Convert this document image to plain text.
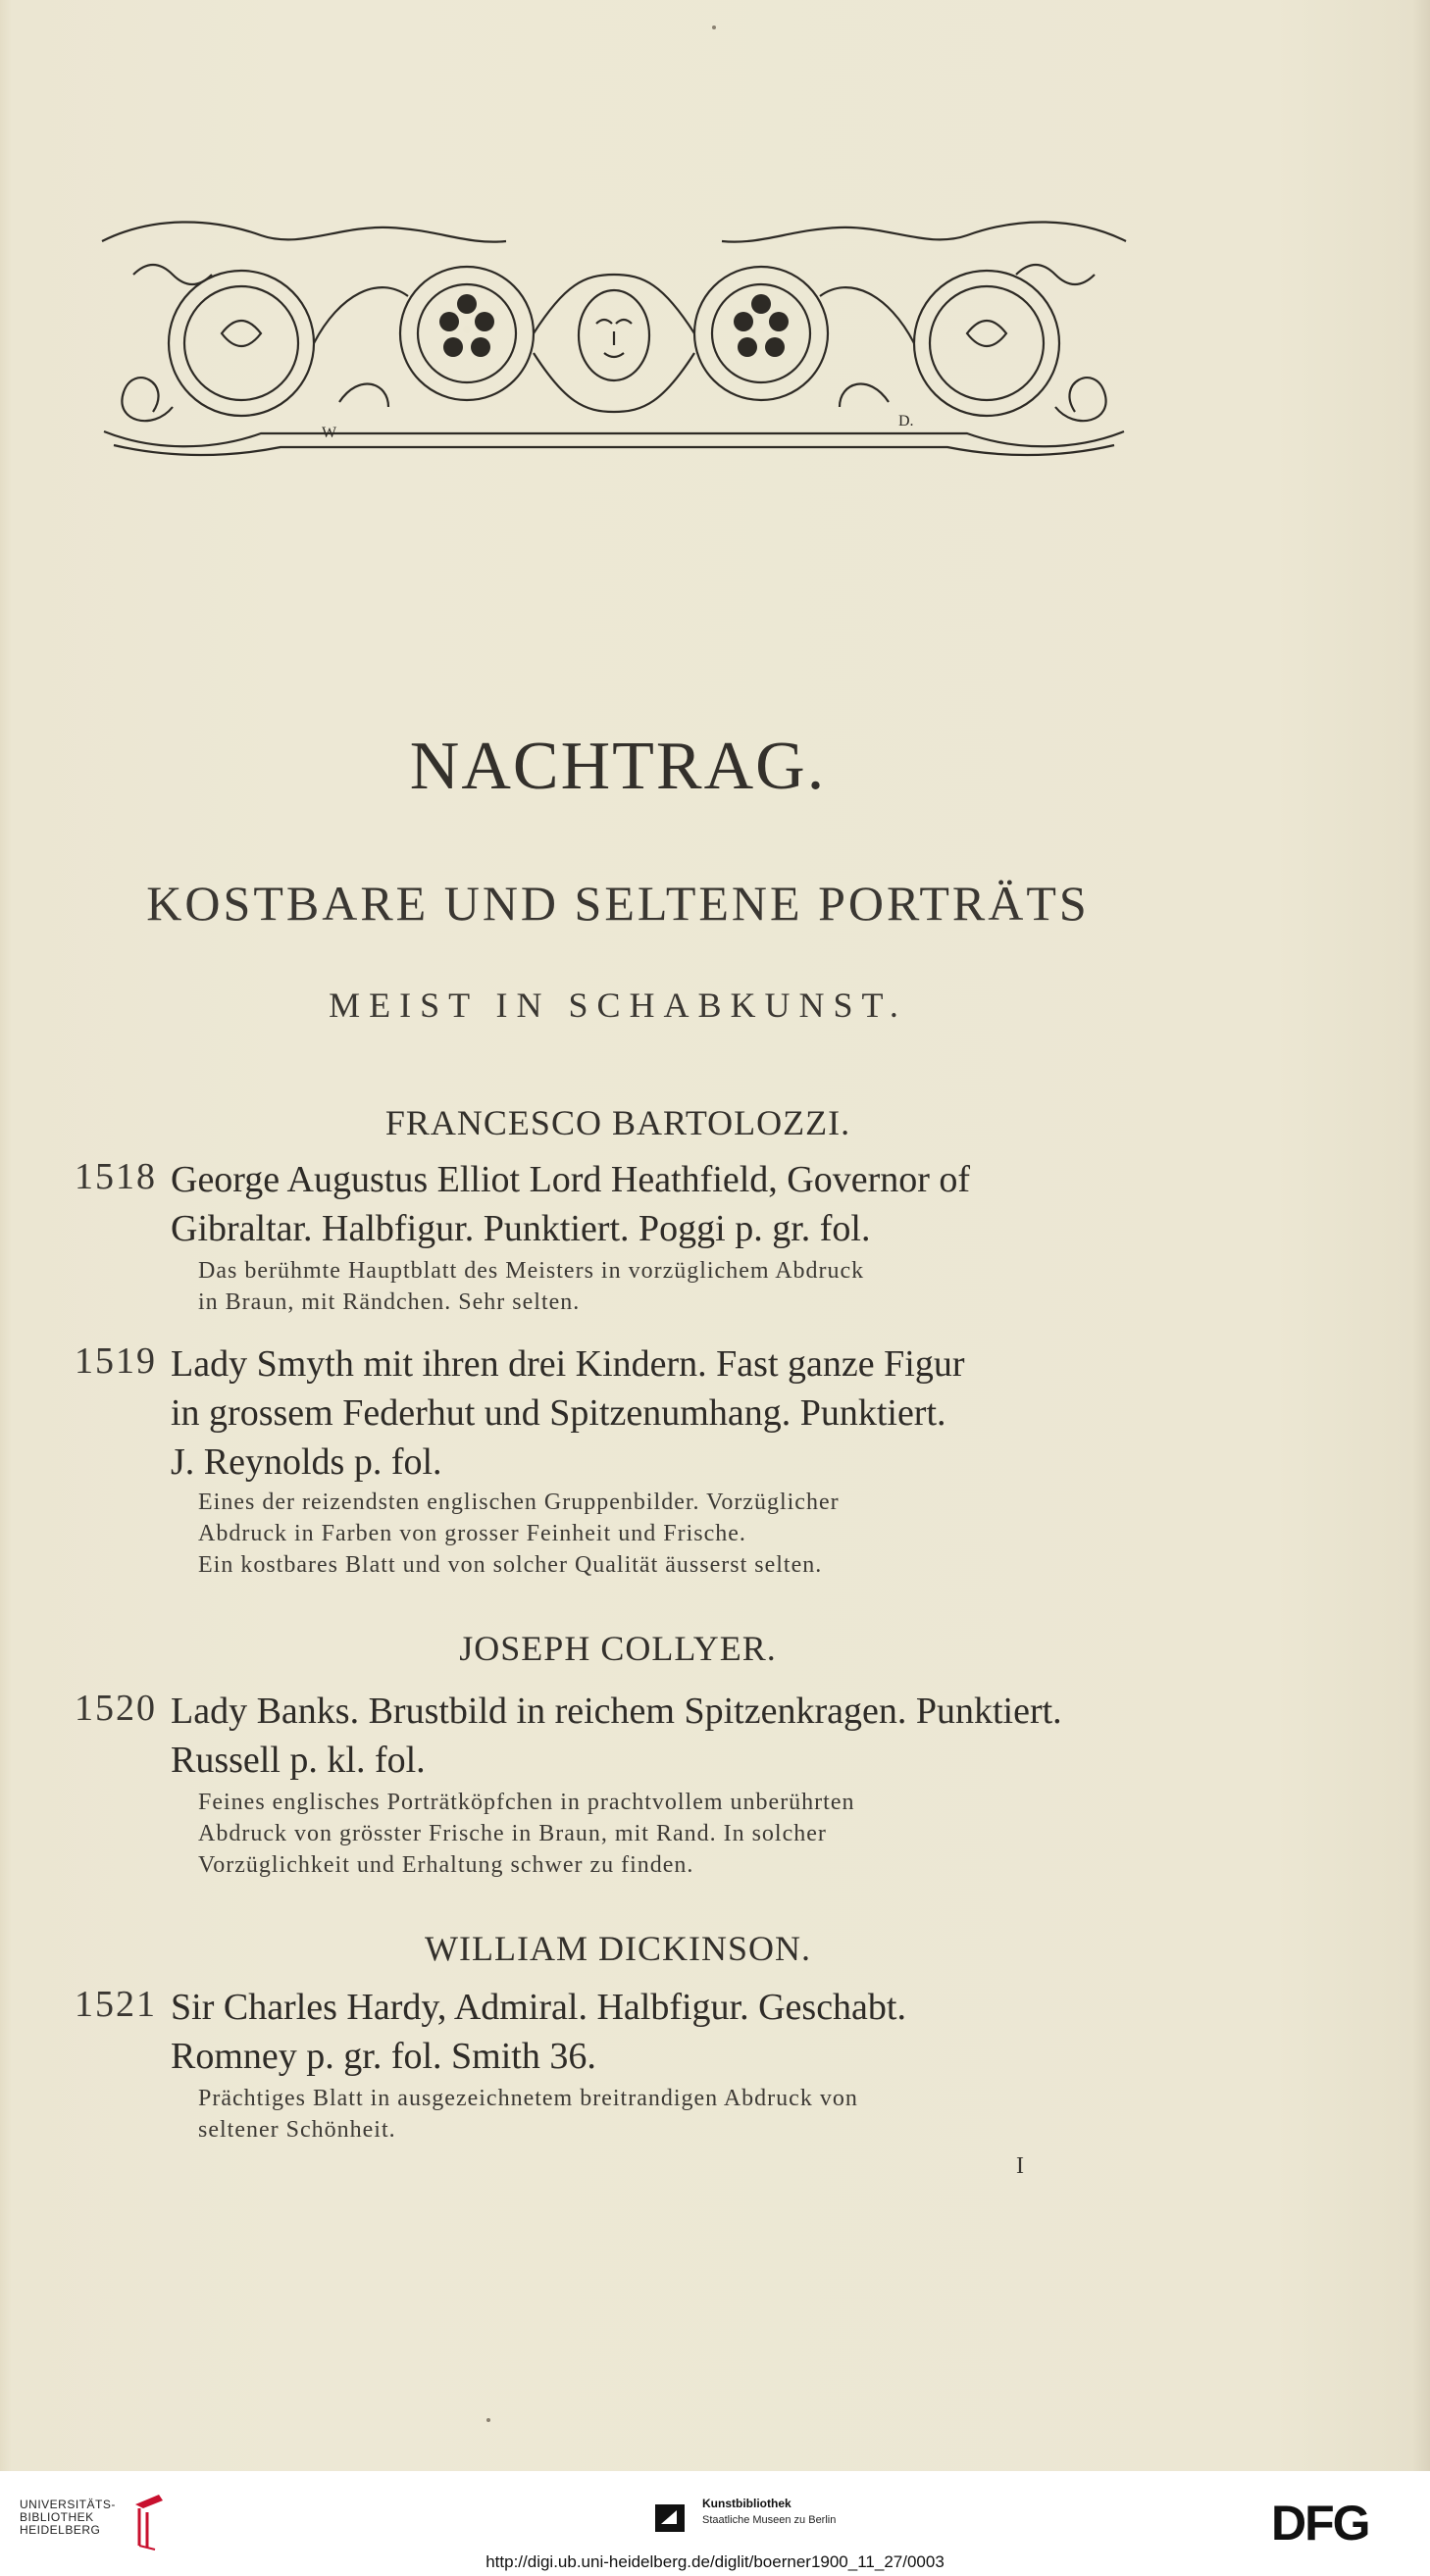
W
D.
NACHTRAG.
KOSTBARE UND SELTENE PORTRÄTS
MEIST IN SCHABKUNST.
FRANCESCO BARTOLOZZI.
1518 George Augustus Elliot Lord Heathfield, Governor of
Gibraltar. Halbfigur. Punktiert. Poggi p. gr. fol.
Das berühmte Hauptblatt des Meisters in vorzüglichem Abdruck
in Braun, mit Rändchen. Sehr selten.
1519 Lady Smyth mit ihren drei Kindern. Fast ganze Figur
in grossem Federhut und Spitzenumhang. Punktiert.
J. Reynolds p. fol.
Eines der reizendsten englischen Gruppenbilder. Vorzüglicher
Abdruck in Farben von grosser Feinheit und Frische.
Ein kostbares Blatt und von solcher Qualität äusserst selten.
JOSEPH COLLYER.
1520 Lady Banks. Brustbild in reichem Spitzenkragen. Punktiert.
Russell p. kl. fol.
Feines englisches Porträtköpfchen in prachtvollem unberührten
Abdruck von grösster Frische in Braun, mit Rand. In solcher
Vorzüglichkeit und Erhaltung schwer zu finden.
WILLIAM DICKINSON.
1521 Sir Charles Hardy, Admiral. Halbfigur. Geschabt.
Romney p. gr. fol. Smith 36.
Prächtiges Blatt in ausgezeichnetem breitrandigen Abdruck von
seltener Schönheit.
I
UNIVERSITÄTS-
BIBLIOTHEK
HEIDELBERG
Kunstbibliothek
Staatliche Museen zu Berlin	DFG
http://digi.ub.uni-heidelberg.de/diglit/boerner1900_11_27/0003
